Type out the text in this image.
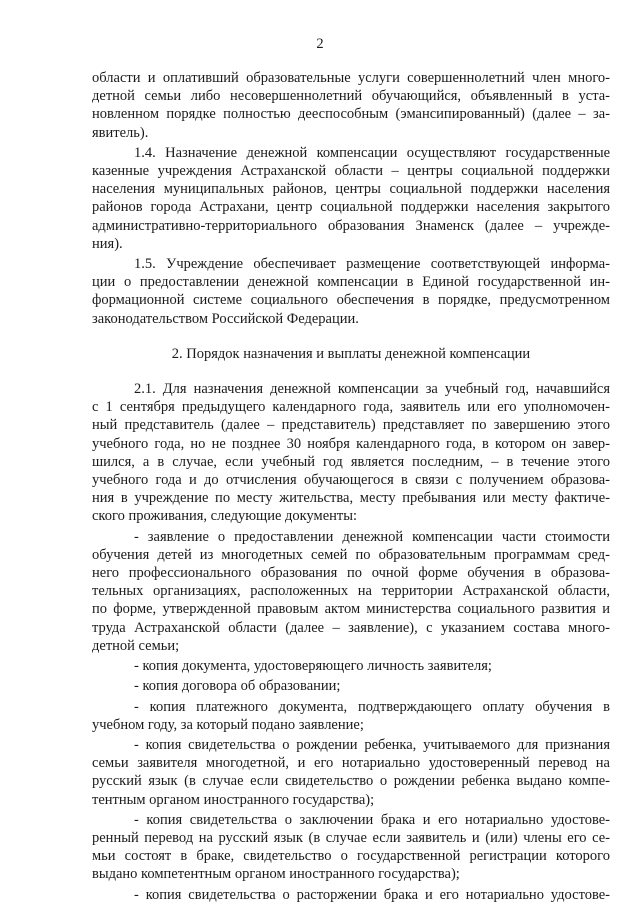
2
области и оплативший образовательные услуги совершеннолетний член много-
детной семьи либо несовершеннолетний обучающийся, объявленный в уста-
новленном порядке полностью дееспособным (эмансипированный) (далее – за-
явитель).
1.4. Назначение денежной компенсации осуществляют государственные
казенные учреждения Астраханской области – центры социальной поддержки
населения муниципальных районов, центры социальной поддержки населения
районов города Астрахани, центр социальной поддержки населения закрытого
административно-территориального образования Знаменск (далее – учрежде-
ния).
1.5. Учреждение обеспечивает размещение соответствующей информа-
ции о предоставлении денежной компенсации в Единой государственной ин-
формационной системе социального обеспечения в порядке, предусмотренном
законодательством Российской Федерации.
2. Порядок назначения и выплаты денежной компенсации
2.1. Для назначения денежной компенсации за учебный год, начавшийся
с 1 сентября предыдущего календарного года, заявитель или его уполномочен-
ный представитель (далее – представитель) представляет по завершению этого
учебного года, но не позднее 30 ноября календарного года, в котором он завер-
шился, а в случае, если учебный год является последним, – в течение этого
учебного года и до отчисления обучающегося в связи с получением образова-
ния в учреждение по месту жительства, месту пребывания или месту фактиче-
ского проживания, следующие документы:
- заявление о предоставлении денежной компенсации части стоимости
обучения детей из многодетных семей по образовательным программам сред-
него профессионального образования по очной форме обучения в образова-
тельных организациях, расположенных на территории Астраханской области,
по форме, утвержденной правовым актом министерства социального развития и
труда Астраханской области (далее – заявление), с указанием состава много-
детной семьи;
- копия документа, удостоверяющего личность заявителя;
- копия договора об образовании;
- копия платежного документа, подтверждающего оплату обучения в
учебном году, за который подано заявление;
- копия свидетельства о рождении ребенка, учитываемого для признания
семьи заявителя многодетной, и его нотариально удостоверенный перевод на
русский язык (в случае если свидетельство о рождении ребенка выдано компе-
тентным органом иностранного государства);
- копия свидетельства о заключении брака и его нотариально удостове-
ренный перевод на русский язык (в случае если заявитель и (или) члены его се-
мьи состоят в браке, свидетельство о государственной регистрации которого
выдано компетентным органом иностранного государства);
- копия свидетельства о расторжении брака и его нотариально удостове-
